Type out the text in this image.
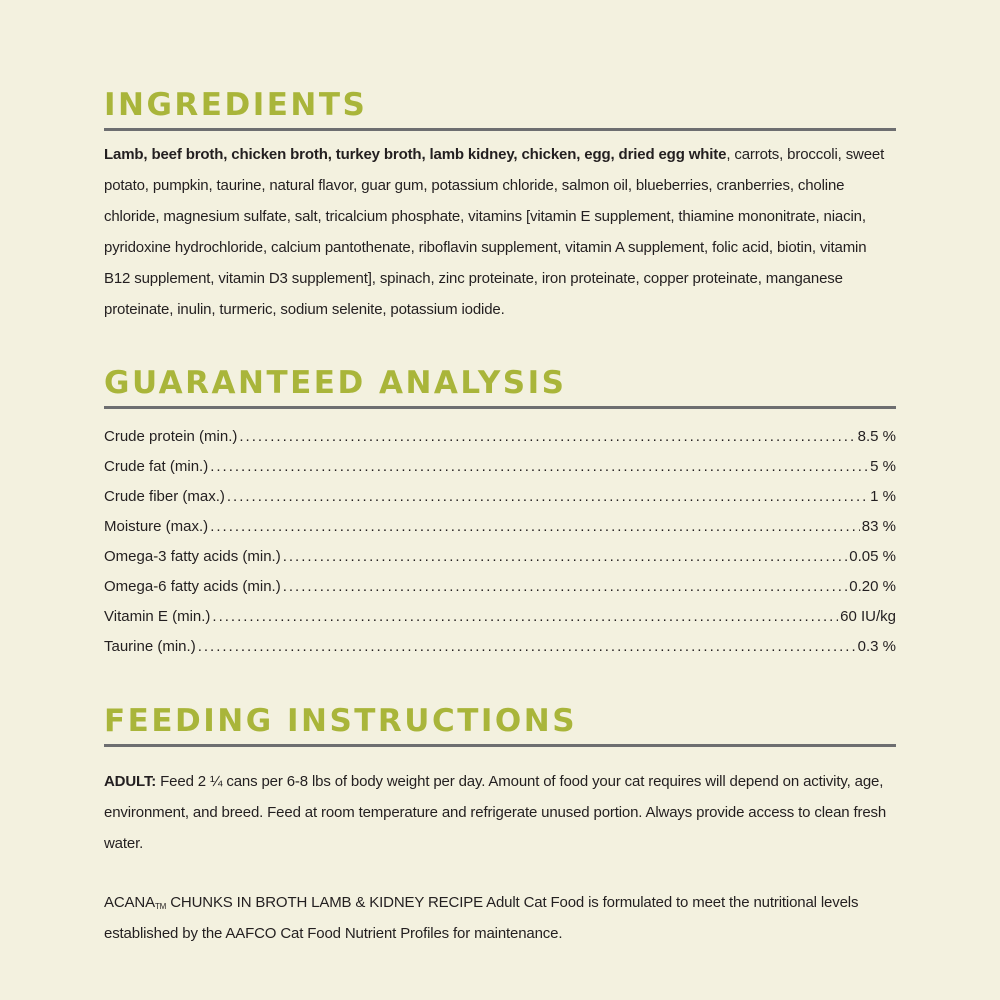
INGREDIENTS

Lamb, beef broth, chicken broth, turkey broth, lamb kidney, chicken, egg, dried egg white, carrots, broccoli, sweet potato, pumpkin, taurine, natural flavor, guar gum, potassium chloride, salmon oil, blueberries, cranberries, choline chloride, magnesium sulfate, salt, tricalcium phosphate, vitamins [vitamin E supplement, thiamine mononitrate, niacin, pyridoxine hydrochloride, calcium pantothenate, riboflavin supplement, vitamin A supplement, folic acid, biotin, vitamin B12 supplement, vitamin D3 supplement], spinach, zinc proteinate, iron proteinate, copper proteinate, manganese proteinate, inulin, turmeric, sodium selenite, potassium iodide.

GUARANTEED ANALYSIS
Crude protein (min.) .....	8.5 %
Crude fat (min.) .....	5 %
Crude fiber (max.) .....	1 %
Moisture (max.) .....	83 %
Omega-3 fatty acids (min.) .....	0.05 %
Omega-6 fatty acids (min.) .....	0.20 %
Vitamin E (min.) .....	60 IU/kg
Taurine (min.) .....	0.3 %
FEEDING INSTRUCTIONS

ADULT: Feed 2 ¼ cans per 6-8 lbs of body weight per day. Amount of food your cat requires will depend on activity, age, environment, and breed. Feed at room temperature and refrigerate unused portion. Always provide access to clean fresh water.

ACANA™ CHUNKS IN BROTH LAMB & KIDNEY RECIPE Adult Cat Food is formulated to meet the nutritional levels established by the AAFCO Cat Food Nutrient Profiles for maintenance.
